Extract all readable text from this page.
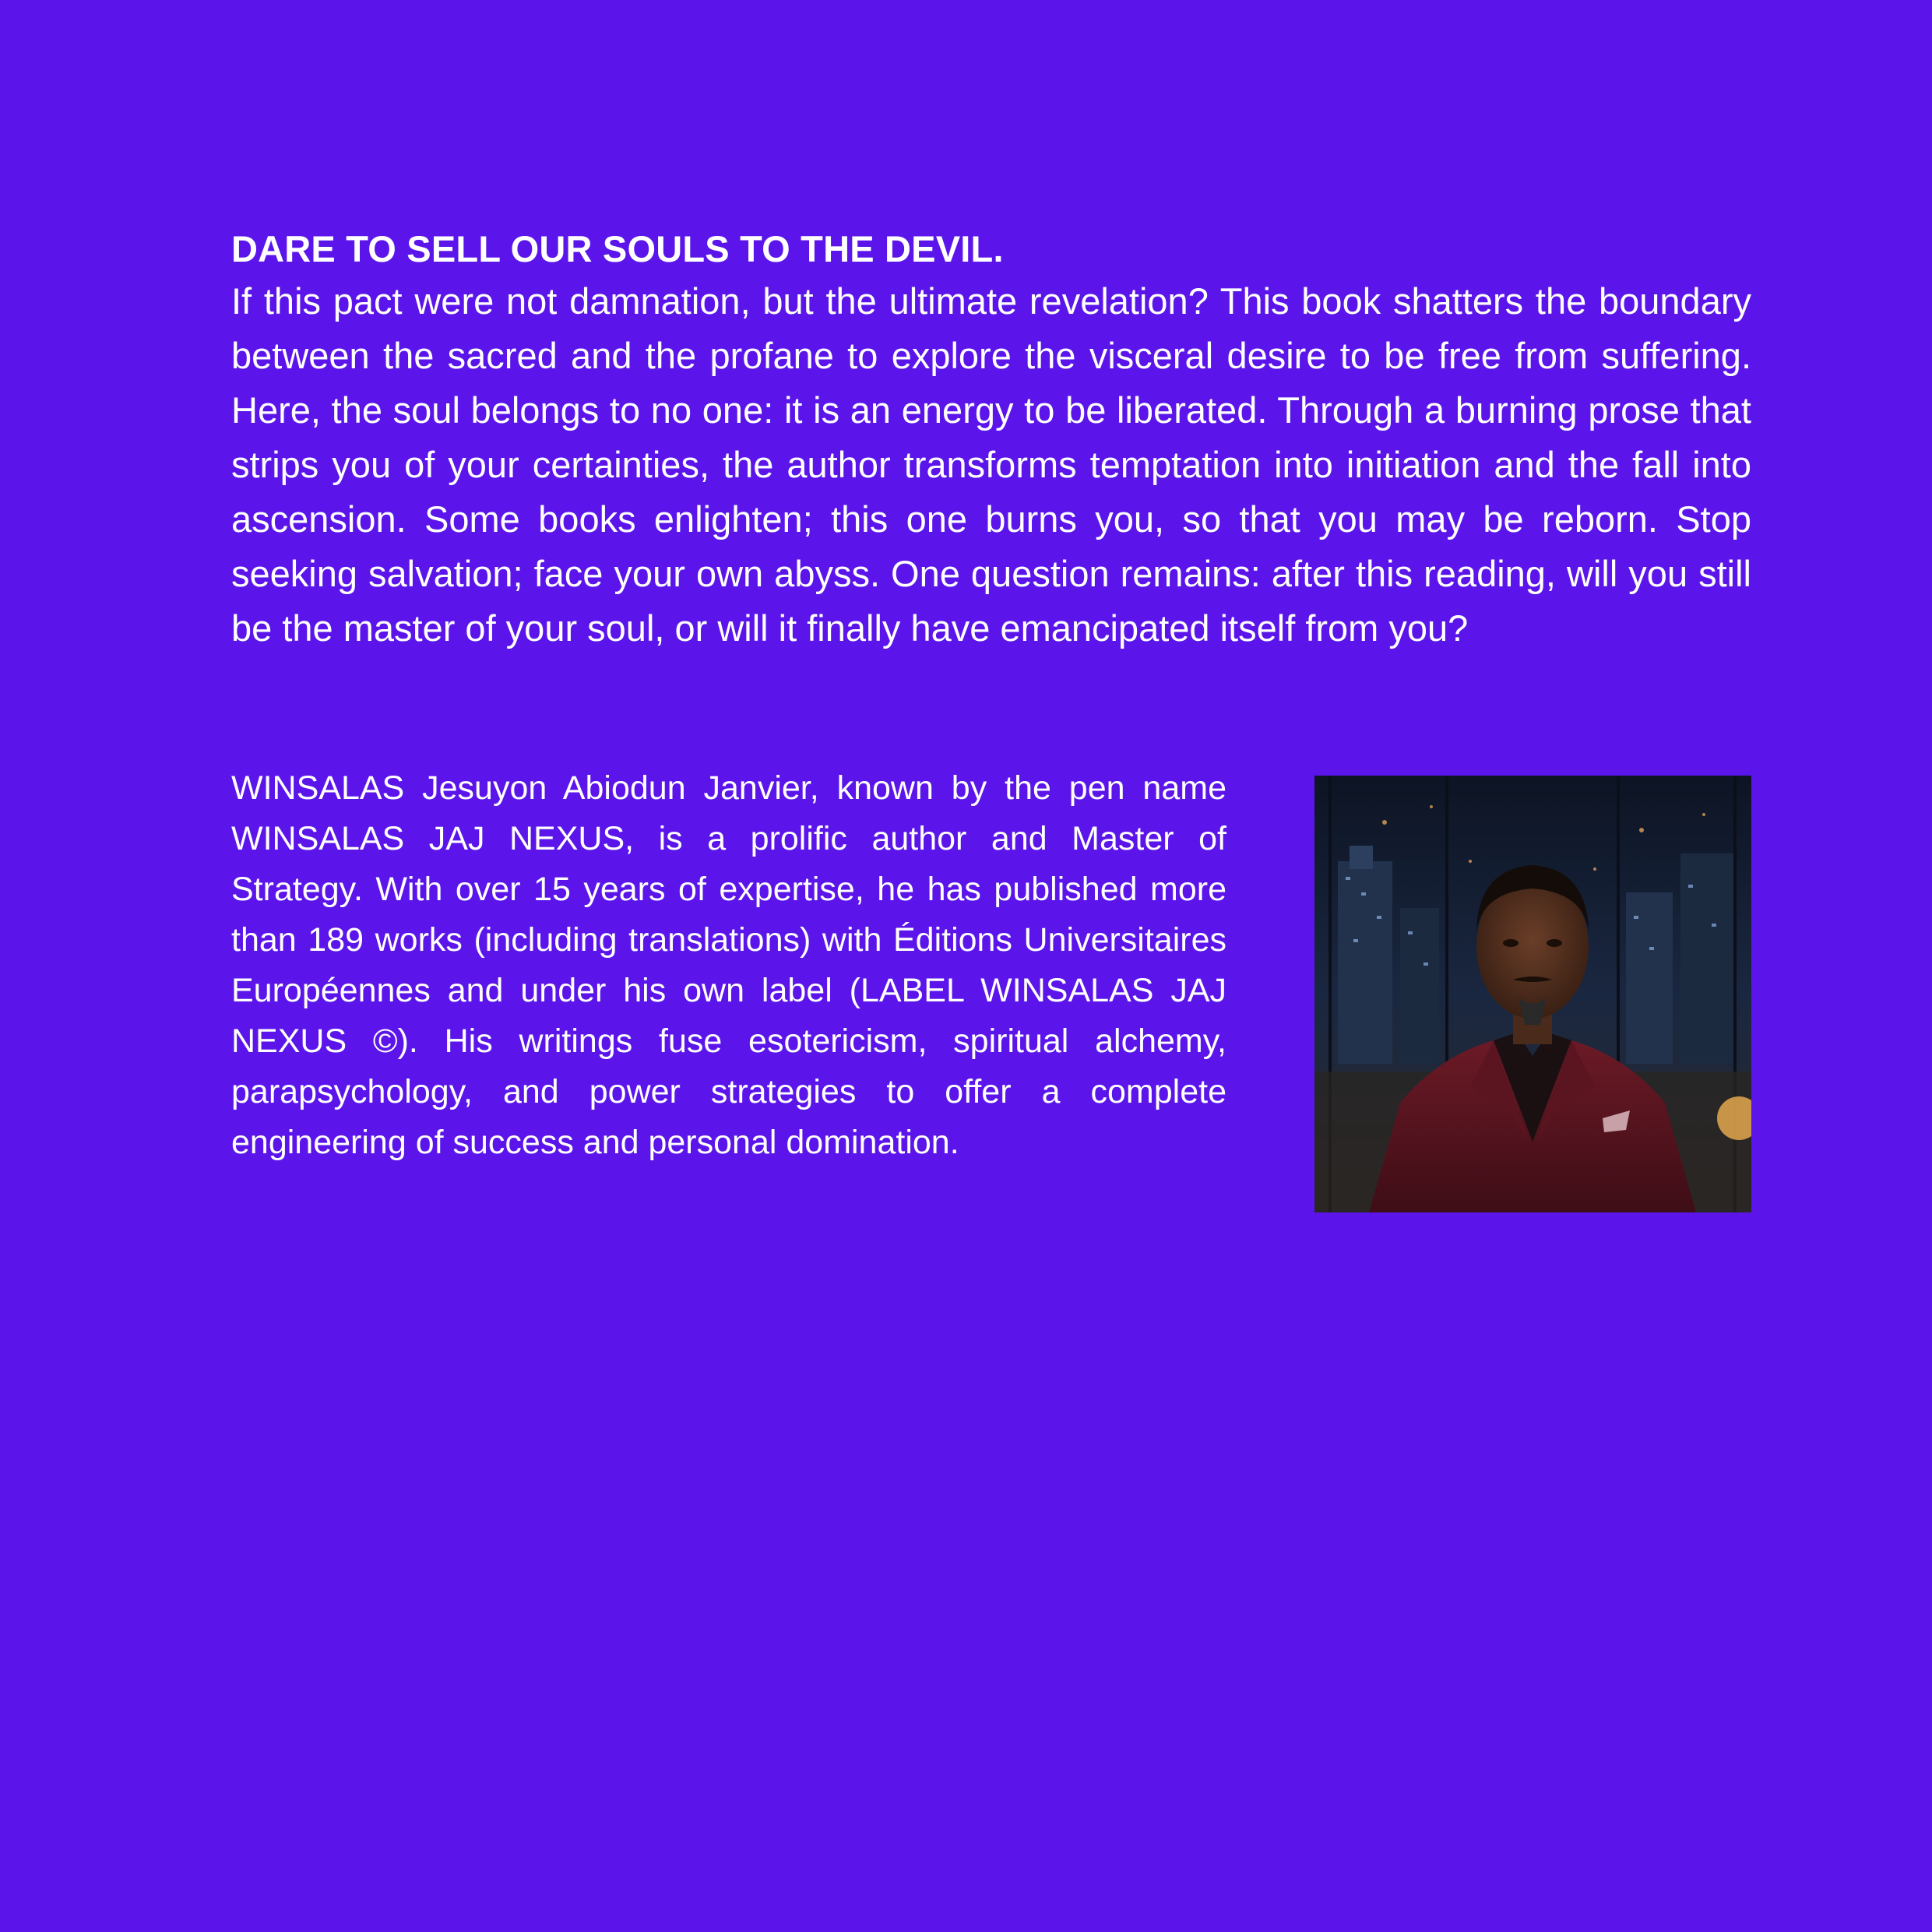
DARE TO SELL OUR SOULS TO THE DEVIL.

If this pact were not damnation, but the ultimate revelation? This book shatters the boundary between the sacred and the profane to explore the visceral desire to be free from suffering. Here, the soul belongs to no one: it is an energy to be liberated. Through a burning prose that strips you of your certainties, the author transforms temptation into initiation and the fall into ascension. Some books enlighten; this one burns you, so that you may be reborn. Stop seeking salvation; face your own abyss. One question remains: after this reading, will you still be the master of your soul, or will it finally have emancipated itself from you?

WINSALAS Jesuyon Abiodun Janvier, known by the pen name WINSALAS JAJ NEXUS, is a prolific author and Master of Strategy. With over 15 years of expertise, he has published more than 189 works (including translations) with Éditions Universitaires Européennes and under his own label (LABEL WINSALAS JAJ NEXUS ©). His writings fuse esotericism, spiritual alchemy, parapsychology, and power strategies to offer a complete engineering of success and personal domination.
